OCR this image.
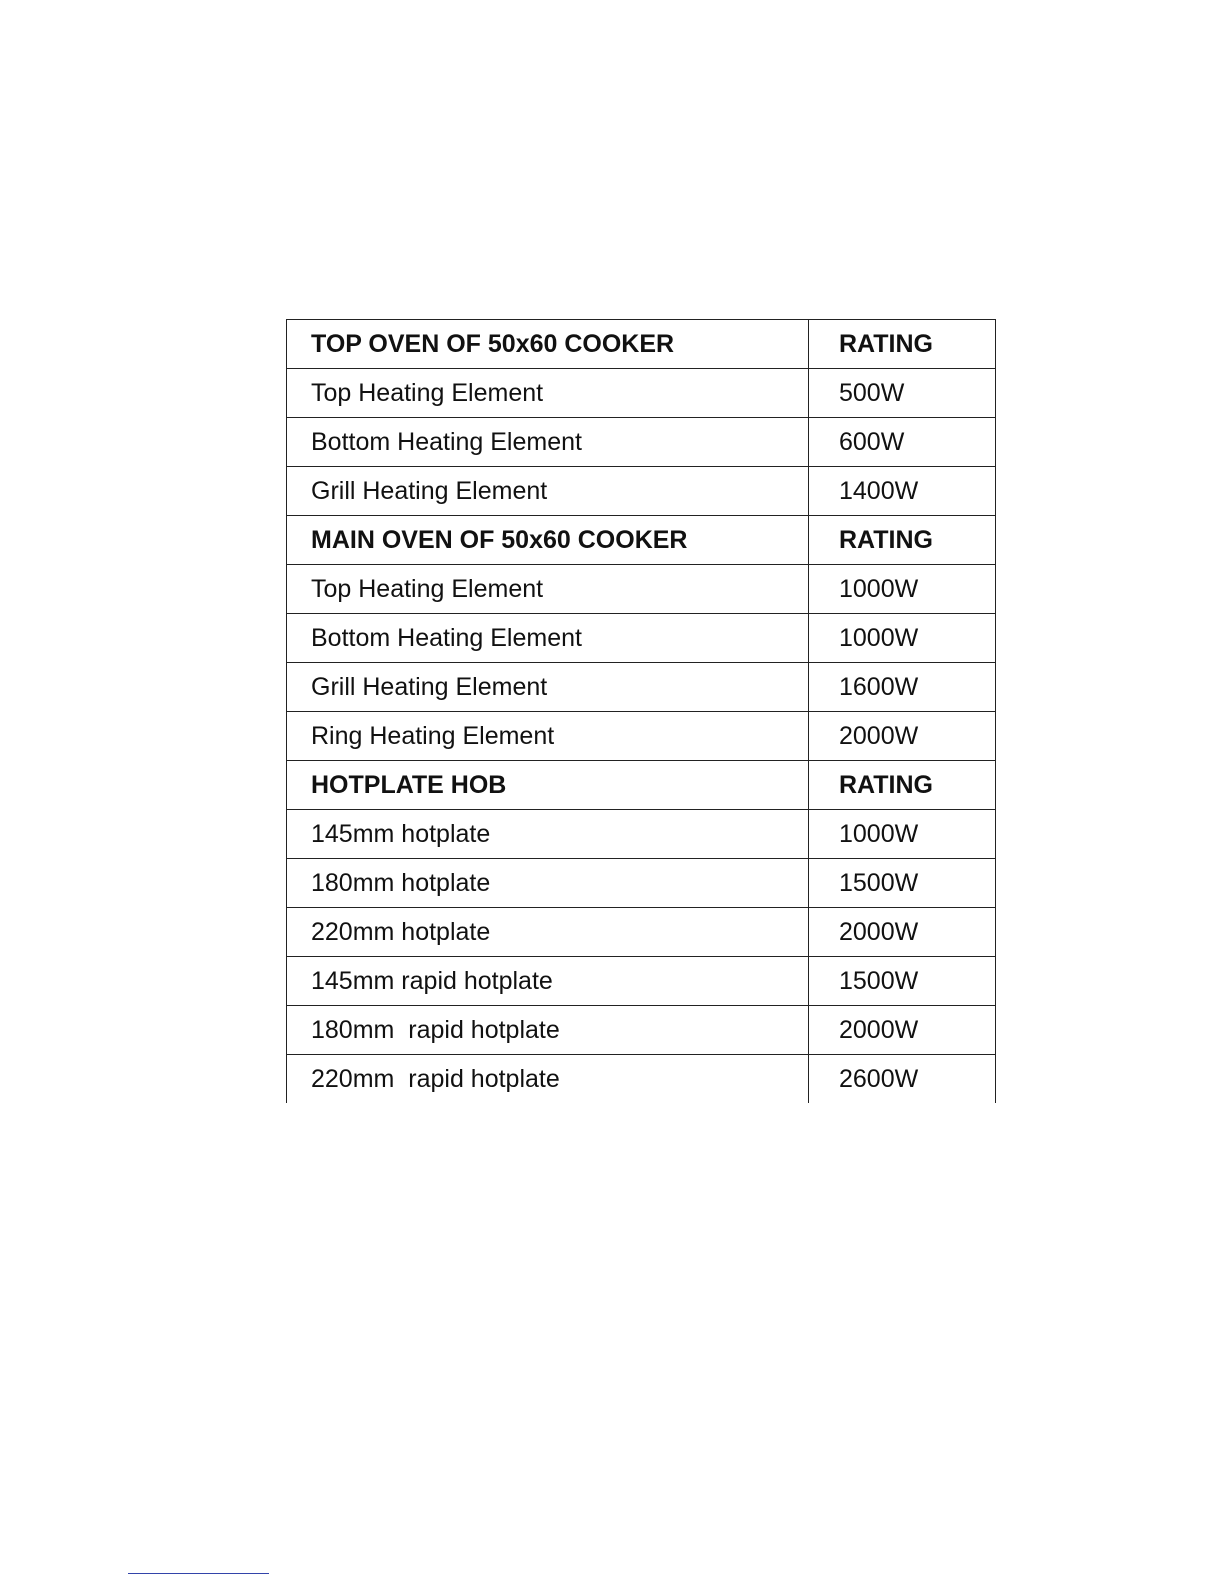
TOP OVEN OF 50x60 COOKER	RATING
Top Heating Element	500W
Bottom Heating Element	600W
Grill Heating Element	1400W
MAIN OVEN OF 50x60 COOKER	RATING
Top Heating Element	1000W
Bottom Heating Element	1000W
Grill Heating Element	1600W
Ring Heating Element	2000W
HOTPLATE HOB	RATING
145mm hotplate	1000W
180mm hotplate	1500W
220mm hotplate	2000W
145mm rapid hotplate	1500W
180mm  rapid hotplate	2000W
220mm  rapid hotplate	2600W
